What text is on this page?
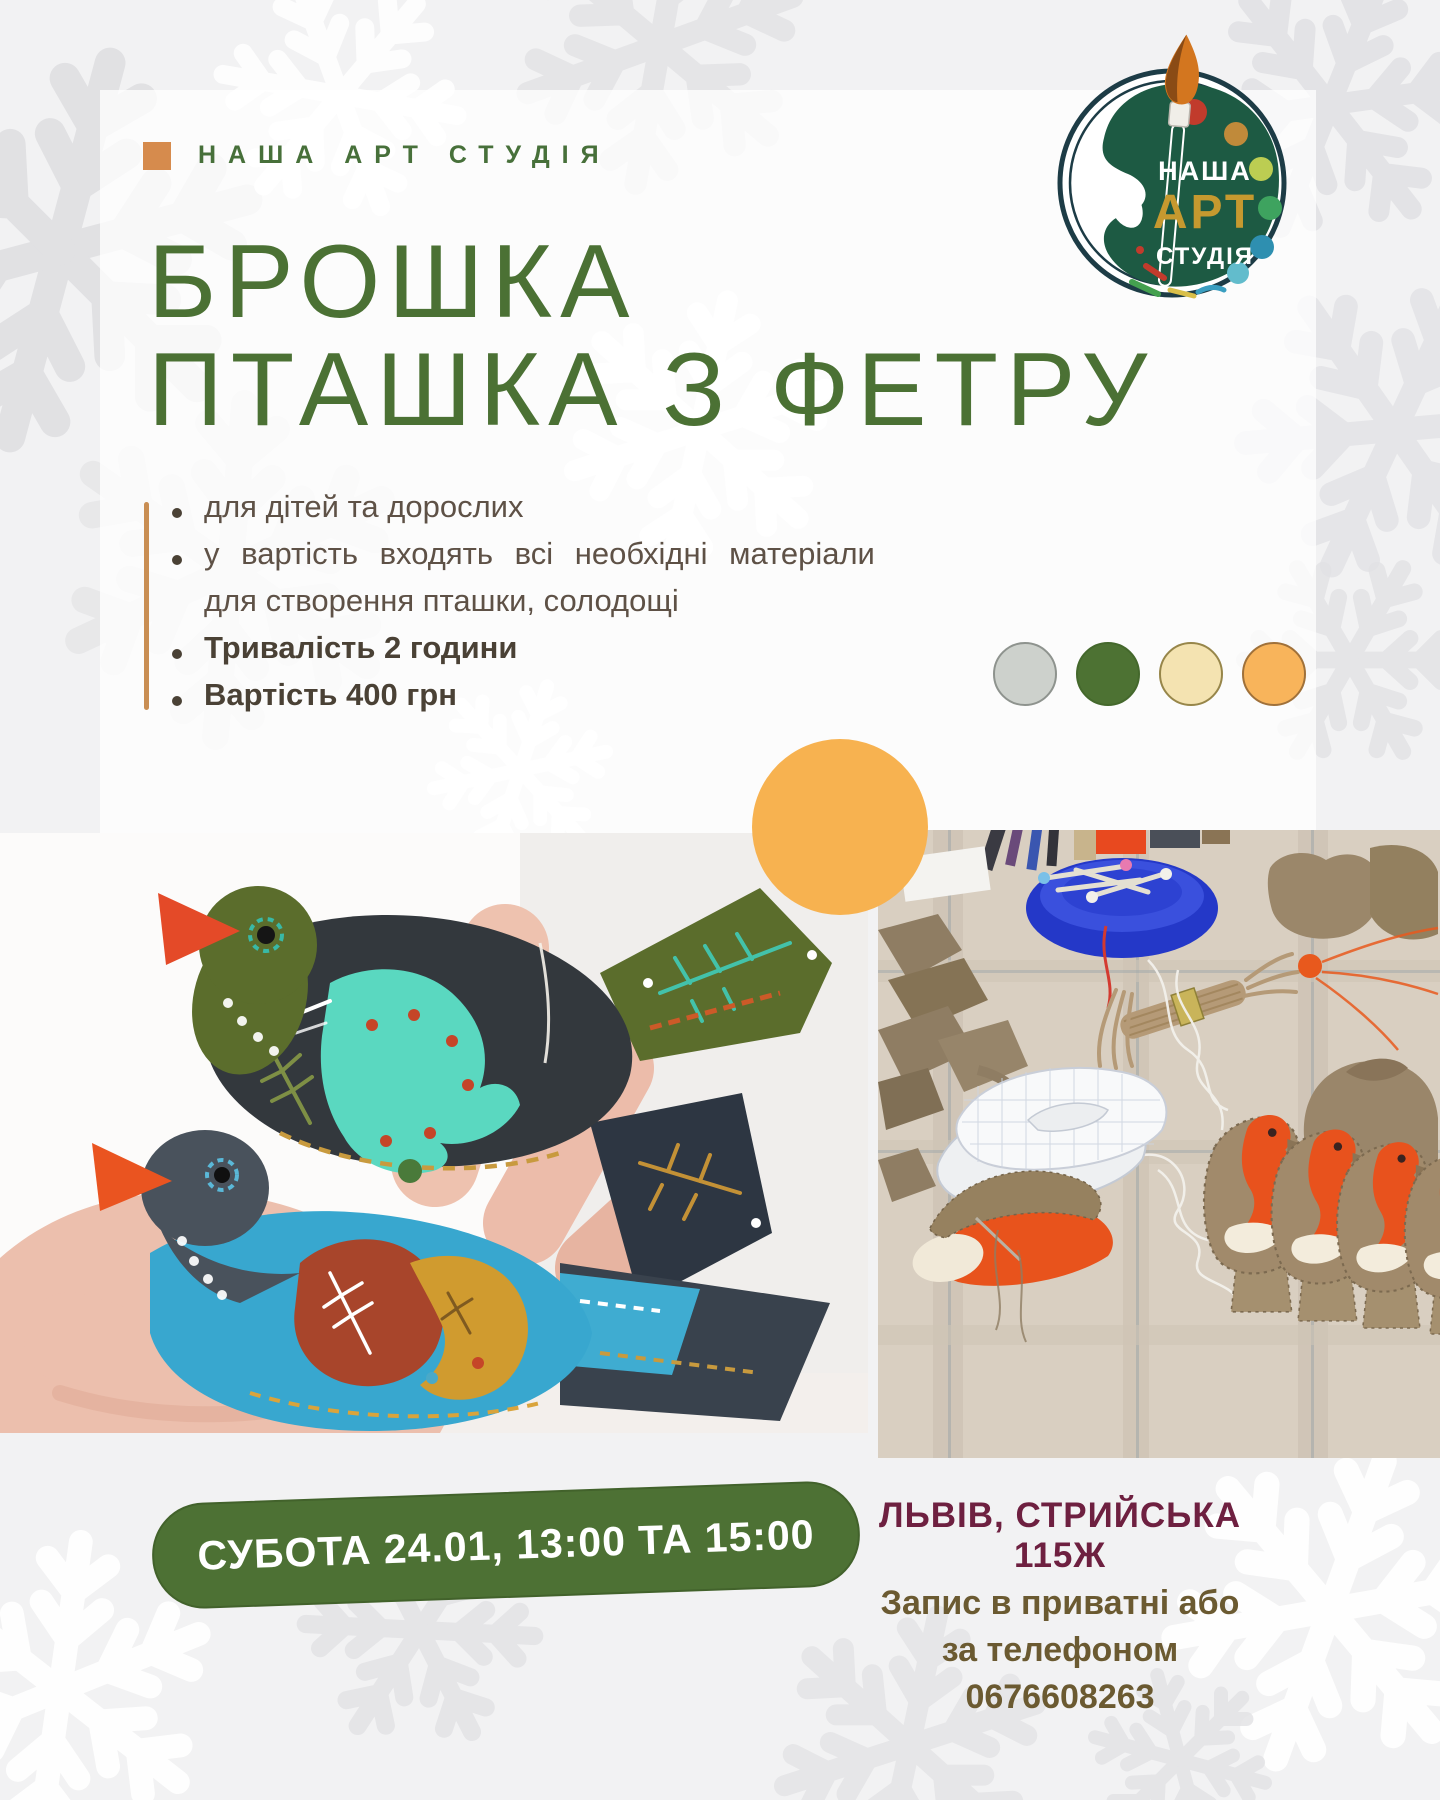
НАША АРТ СТУДІЯ
НАША
АРТ
СТУДІЯ
БРОШКА
ПТАШКА З ФЕТРУ
для дітей та дорослих
у вартість входять всі необхідні матеріали
для створення пташки, солодощі
Тривалість 2 години
Вартість 400 грн
СУБОТА 24.01, 13:00 ТА 15:00	ЛЬВІВ, СТРИЙСЬКА 115Ж
Запис в приватні або
за телефоном 0676608263
